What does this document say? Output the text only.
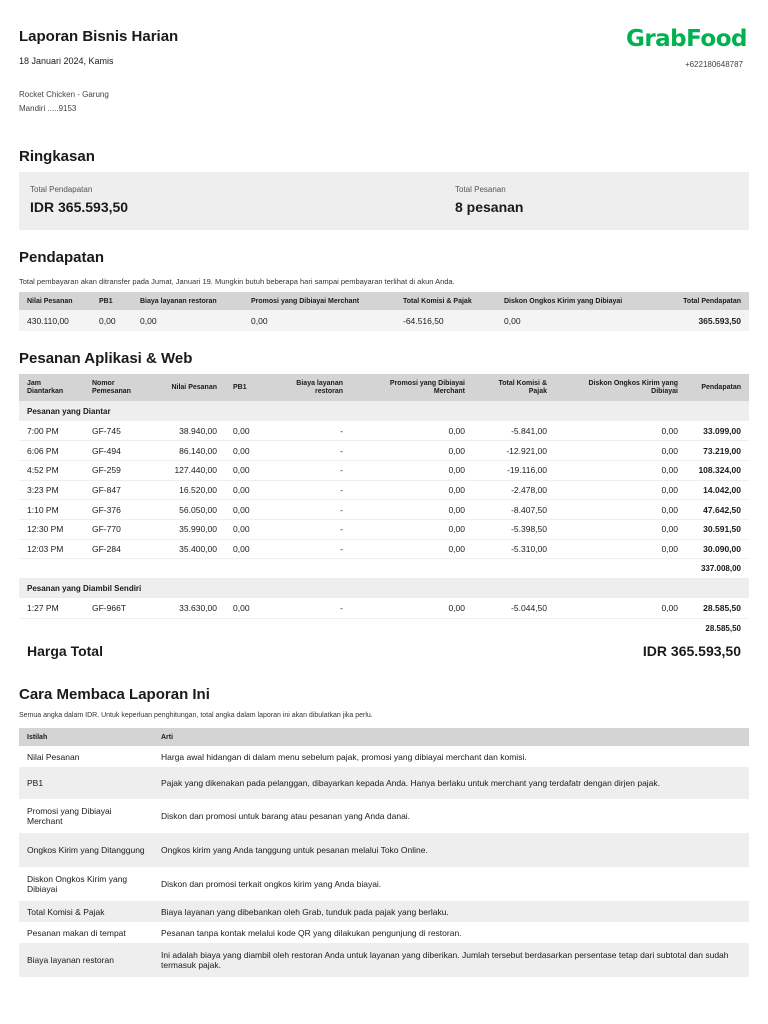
Laporan Bisnis Harian
18 Januari 2024, Kamis
Rocket Chicken - Garung
Mandiri .....9153
GrabFood
+622180648787
Ringkasan
Total Pendapatan
IDR 365.593,50
Total Pesanan
8 pesanan
Pendapatan
Total pembayaran akan ditransfer pada Jumat, Januari 19. Mungkin butuh beberapa hari sampai pembayaran terlihat di akun Anda.
Nilai Pesanan	PB1	Biaya layanan restoran	Promosi yang Dibiayai Merchant	Total Komisi & Pajak	Diskon Ongkos Kirim yang Dibiayai	Total Pendapatan
430.110,00	0,00	0,00	0,00	-64.516,50	0,00	365.593,50
Pesanan Aplikasi & Web
Jam Diantarkan	Nomor Pemesanan	Nilai Pesanan	PB1	Biaya layanan restoran	Promosi yang Dibiayai Merchant	Total Komisi & Pajak	Diskon Ongkos Kirim yang Dibiayai	Pendapatan
Pesanan yang Diantar								
7:00 PM	GF-745	38.940,00	0,00	-	0,00	-5.841,00	0,00	33.099,00
6:06 PM	GF-494	86.140,00	0,00	-	0,00	-12.921,00	0,00	73.219,00
4:52 PM	GF-259	127.440,00	0,00	-	0,00	-19.116,00	0,00	108.324,00
3:23 PM	GF-847	16.520,00	0,00	-	0,00	-2.478,00	0,00	14.042,00
1:10 PM	GF-376	56.050,00	0,00	-	0,00	-8.407,50	0,00	47.642,50
12:30 PM	GF-770	35.990,00	0,00	-	0,00	-5.398,50	0,00	30.591,50
12:03 PM	GF-284	35.400,00	0,00	-	0,00	-5.310,00	0,00	30.090,00
337.008,00								
Pesanan yang Diambil Sendiri								
1:27 PM	GF-966T	33.630,00	0,00	-	0,00	-5.044,50	0,00	28.585,50
28.585,50								
Harga Total	IDR 365.593,50
Cara Membaca Laporan Ini
Semua angka dalam IDR. Untuk keperluan penghitungan, total angka dalam laporan ini akan dibulatkan jika perlu.
Istilah	Arti
Nilai Pesanan	Harga awal hidangan di dalam menu sebelum pajak, promosi yang dibiayai merchant dan komisi.
PB1	Pajak yang dikenakan pada pelanggan, dibayarkan kepada Anda. Hanya berlaku untuk merchant yang terdafatr dengan dirjen pajak.
Promosi yang Dibiayai Merchant	Diskon dan promosi untuk barang atau pesanan yang Anda danai.
Ongkos Kirim yang Ditanggung	Ongkos kirim yang Anda tanggung untuk pesanan melalui Toko Online.
Diskon Ongkos Kirim yang Dibiayai	Diskon dan promosi terkait ongkos kirim yang Anda biayai.
Total Komisi & Pajak	Biaya layanan yang dibebankan oleh Grab, tunduk pada pajak yang berlaku.
Pesanan makan di tempat	Pesanan tanpa kontak melalui kode QR yang dilakukan pengunjung di restoran.
Biaya layanan restoran	Ini adalah biaya yang diambil oleh restoran Anda untuk layanan yang diberikan. Jumlah tersebut berdasarkan persentase tetap dari subtotal dan sudah termasuk pajak.
